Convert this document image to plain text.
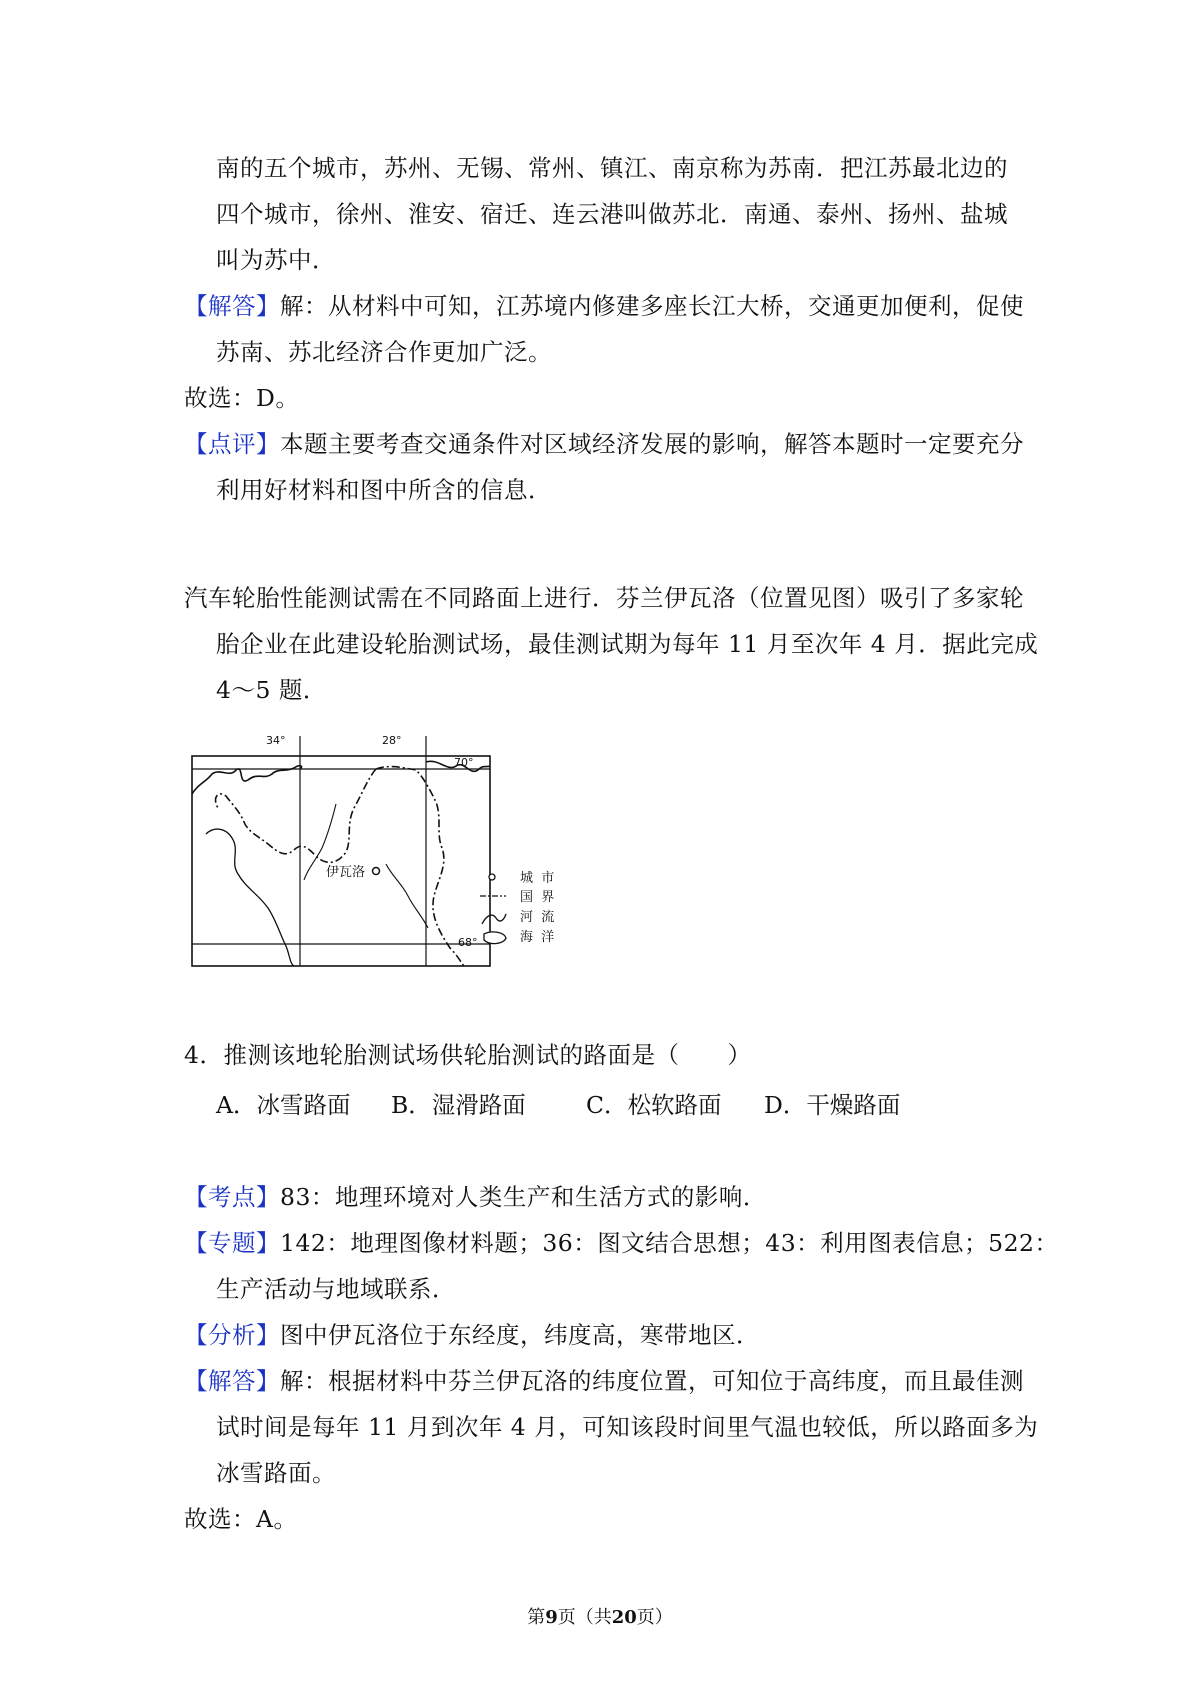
南的五个城市，苏州、无锡、常州、镇江、南京称为苏南．把江苏最北边的
四个城市，徐州、淮安、宿迁、连云港叫做苏北．南通、泰州、扬州、盐城
叫为苏中．
【解答】解：从材料中可知，江苏境内修建多座长江大桥，交通更加便利，促使
苏南、苏北经济合作更加广泛。
故选：D。
【点评】本题主要考查交通条件对区域经济发展的影响，解答本题时一定要充分
利用好材料和图中所含的信息．
汽车轮胎性能测试需在不同路面上进行．芬兰伊瓦洛（位置见图）吸引了多家轮
胎企业在此建设轮胎测试场，最佳测试期为每年 11 月至次年 4 月．据此完成
4～5 题．
34°	28°
70°
68°
伊瓦洛	城  市
国  界
河  流
海  洋
4．推测该地轮胎测试场供轮胎测试的路面是（　　）
A．冰雪路面 B．湿滑路面	C．松软路面 D．干燥路面
【考点】83：地理环境对人类生产和生活方式的影响．
【专题】142：地理图像材料题；36：图文结合思想；43：利用图表信息；522：
生产活动与地域联系．
【分析】图中伊瓦洛位于东经度，纬度高，寒带地区．
【解答】解：根据材料中芬兰伊瓦洛的纬度位置，可知位于高纬度，而且最佳测
试时间是每年 11 月到次年 4 月，可知该段时间里气温也较低，所以路面多为
冰雪路面。
故选：A。
第9页（共20页）
